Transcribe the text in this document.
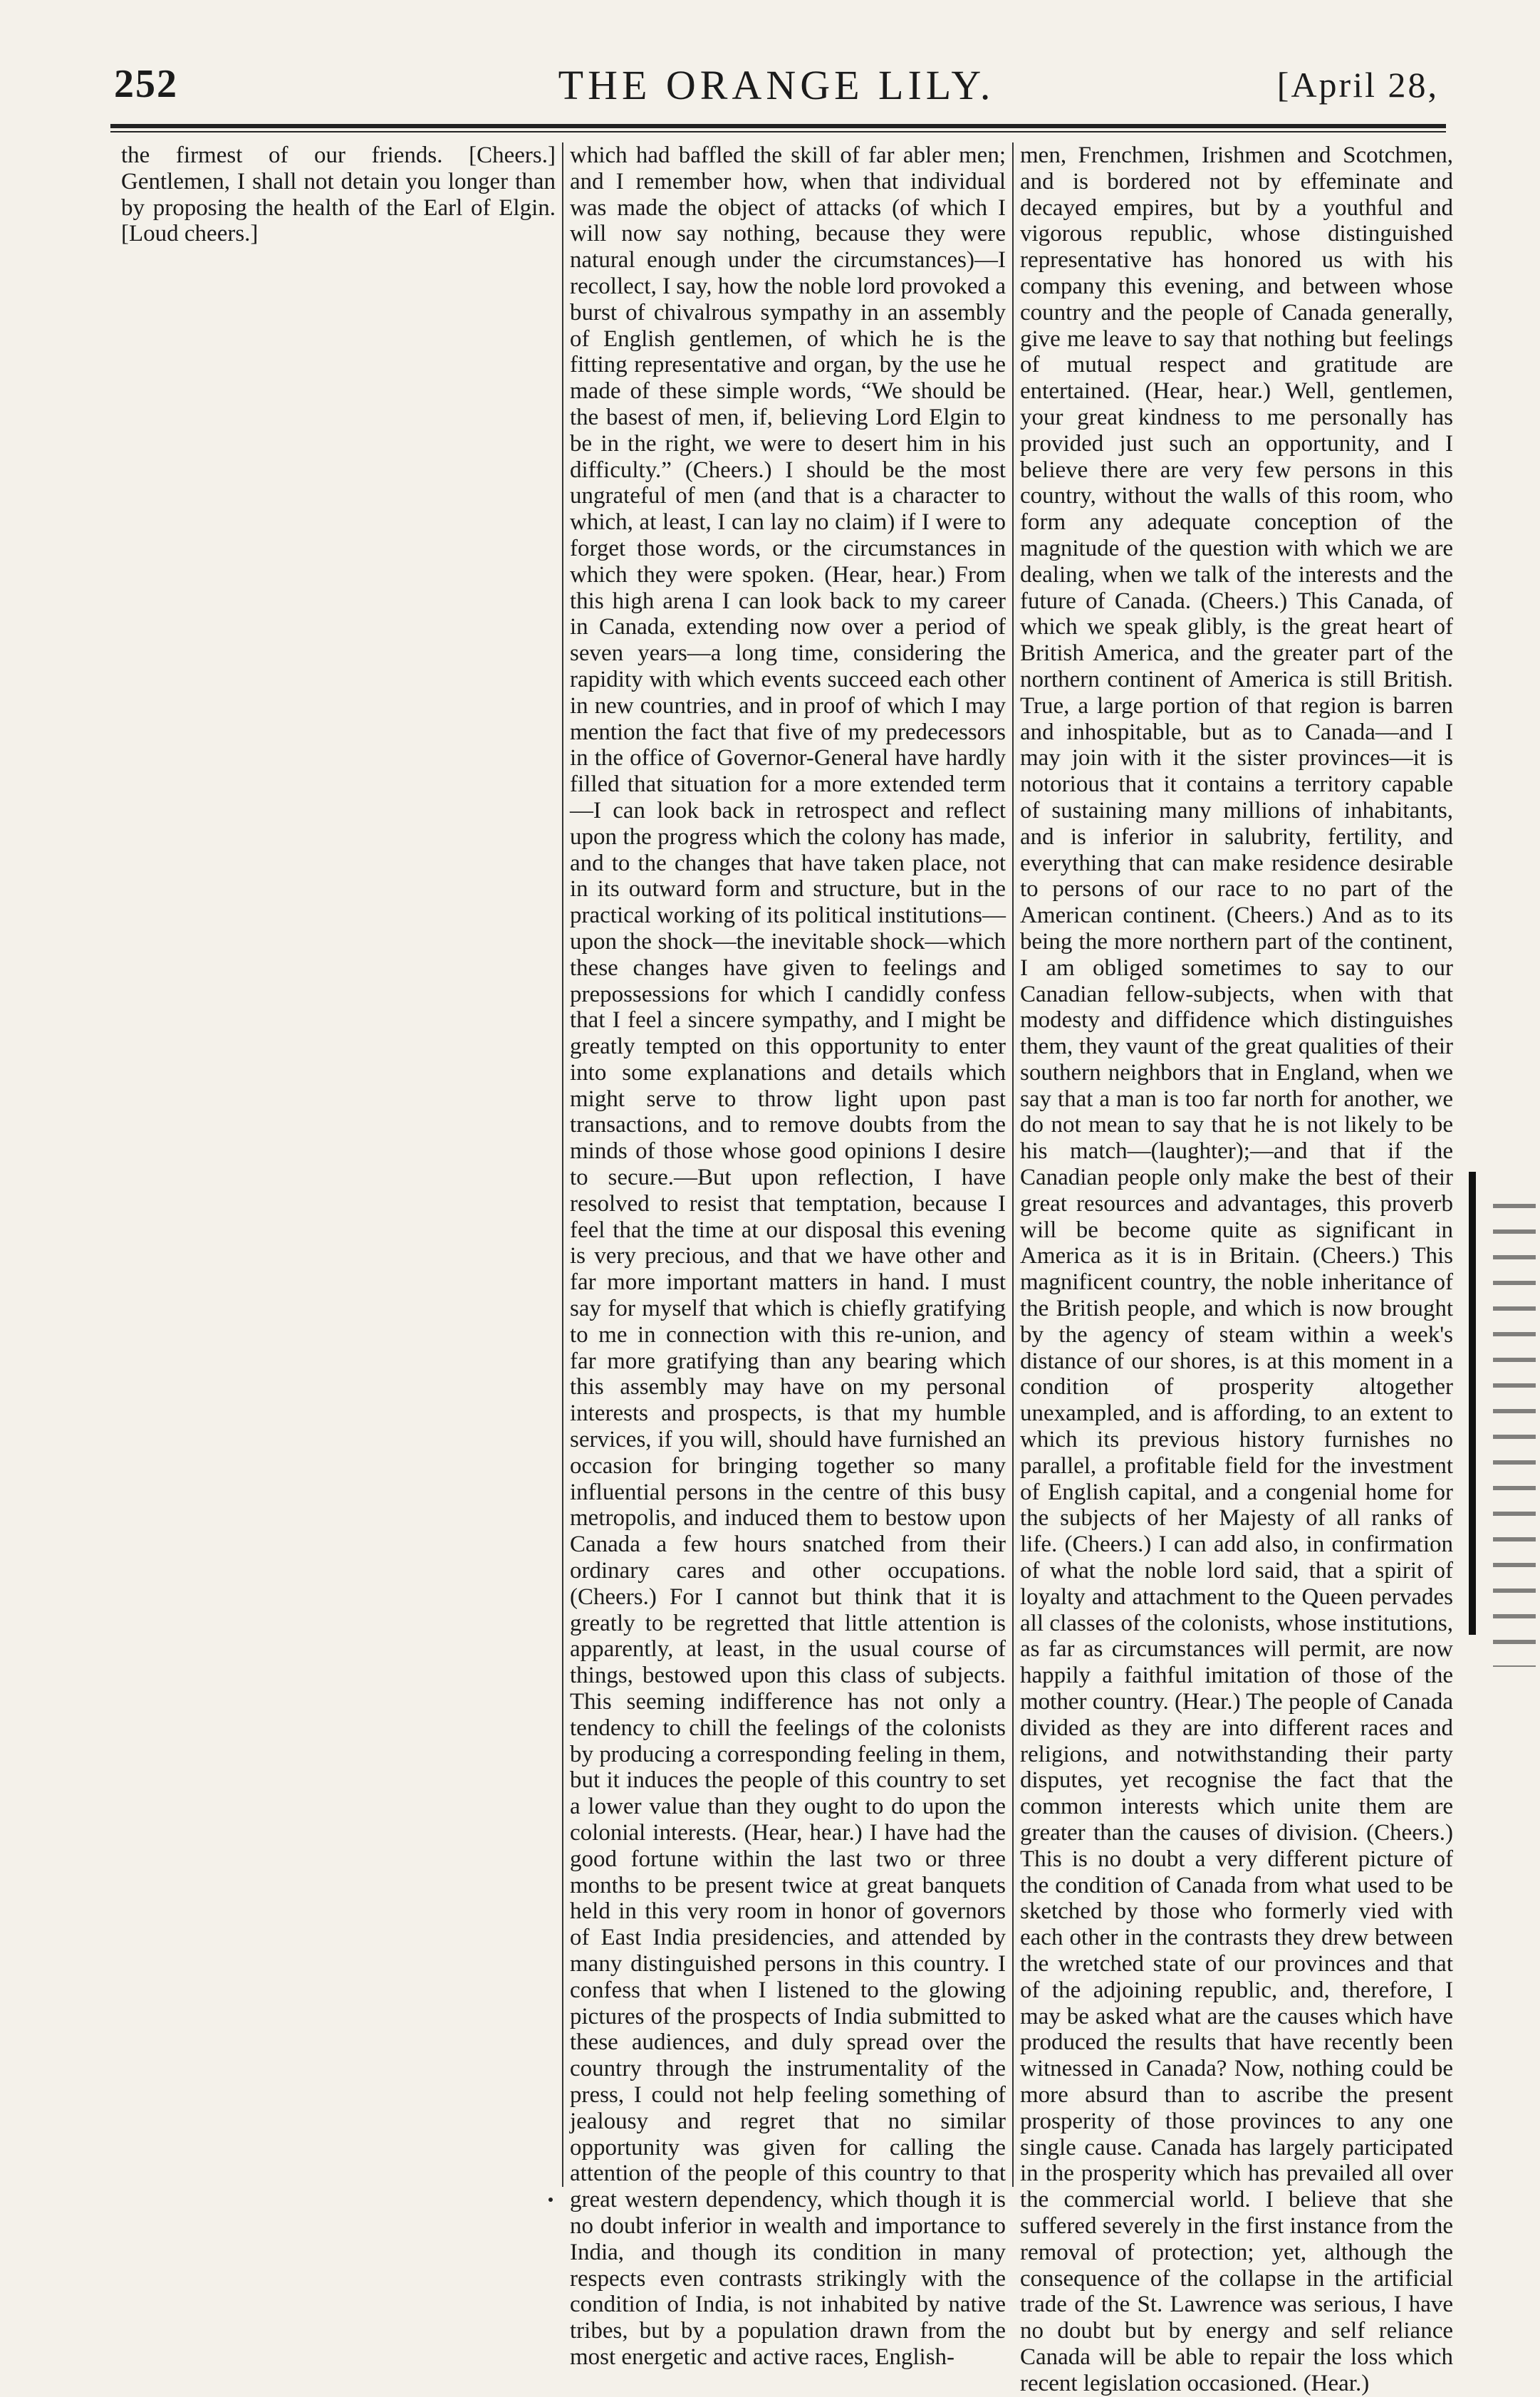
252	THE ORANGE LILY.	[April 28,

the firmest of our friends. [Cheers.] Gentlemen, I shall not detain you longer than by proposing the health of the Earl of Elgin. [Loud cheers.]

which had baffled the skill of far abler men; and I remember how, when that individual was made the object of attacks (of which I will now say nothing, because they were natural enough under the circumstances)—I recollect, I say, how the noble lord provoked a burst of chivalrous sympathy in an assembly of English gentlemen, of which he is the fitting representative and organ, by the use he made of these simple words, “We should be the basest of men, if, believing Lord Elgin to be in the right, we were to desert him in his difficulty.” (Cheers.) I should be the most ungrateful of men (and that is a character to which, at least, I can lay no claim) if I were to forget those words, or the circumstances in which they were spoken. (Hear, hear.) From this high arena I can look back to my career in Canada, extending now over a period of seven years—a long time, considering the rapidity with which events succeed each other in new countries, and in proof of which I may mention the fact that five of my predecessors in the office of Governor-General have hardly filled that situation for a more extended term—I can look back in retrospect and reflect upon the progress which the colony has made, and to the changes that have taken place, not in its outward form and structure, but in the practical working of its political institutions—upon the shock—the inevitable shock—which these changes have given to feelings and prepossessions for which I candidly confess that I feel a sincere sympathy, and I might be greatly tempted on this opportunity to enter into some explanations and details which might serve to throw light upon past transactions, and to remove doubts from the minds of those whose good opinions I desire to secure.—But upon reflection, I have resolved to resist that temptation, because I feel that the time at our disposal this evening is very precious, and that we have other and far more important matters in hand. I must say for myself that which is chiefly gratifying to me in connection with this re-union, and far more gratifying than any bearing which this assembly may have on my personal interests and prospects, is that my humble services, if you will, should have furnished an occasion for bringing together so many influential persons in the centre of this busy metropolis, and induced them to bestow upon Canada a few hours snatched from their ordinary cares and other occupations. (Cheers.) For I cannot but think that it is greatly to be regretted that little attention is apparently, at least, in the usual course of things, bestowed upon this class of subjects. This seeming indifference has not only a tendency to chill the feelings of the colonists by producing a corresponding feeling in them, but it induces the people of this country to set a lower value than they ought to do upon the colonial interests. (Hear, hear.) I have had the good fortune within the last two or three months to be present twice at great banquets held in this very room in honor of governors of East India presidencies, and attended by many distinguished persons in this country. I confess that when I listened to the glowing pictures of the prospects of India submitted to these audiences, and duly spread over the country through the instrumentality of the press, I could not help feeling something of jealousy and regret that no similar opportunity was given for calling the attention of the people of this country to that great western dependency, which though it is no doubt inferior in wealth and importance to India, and though its condition in many respects even contrasts strikingly with the condition of India, is not inhabited by native tribes, but by a population drawn from the most energetic and active races, English-

men, Frenchmen, Irishmen and Scotchmen, and is bordered not by effeminate and decayed empires, but by a youthful and vigorous republic, whose distinguished representative has honored us with his company this evening, and between whose country and the people of Canada generally, give me leave to say that nothing but feelings of mutual respect and gratitude are entertained. (Hear, hear.) Well, gentlemen, your great kindness to me personally has provided just such an opportunity, and I believe there are very few persons in this country, without the walls of this room, who form any adequate conception of the magnitude of the question with which we are dealing, when we talk of the interests and the future of Canada. (Cheers.) This Canada, of which we speak glibly, is the great heart of British America, and the greater part of the northern continent of America is still British. True, a large portion of that region is barren and inhospitable, but as to Canada—and I may join with it the sister provinces—it is notorious that it contains a territory capable of sustaining many millions of inhabitants, and is inferior in salubrity, fertility, and everything that can make residence desirable to persons of our race to no part of the American continent. (Cheers.) And as to its being the more northern part of the continent, I am obliged sometimes to say to our Canadian fellow-subjects, when with that modesty and diffidence which distinguishes them, they vaunt of the great qualities of their southern neighbors that in England, when we say that a man is too far north for another, we do not mean to say that he is not likely to be his match—(laughter);—and that if the Canadian people only make the best of their great resources and advantages, this proverb will be become quite as significant in America as it is in Britain. (Cheers.) This magnificent country, the noble inheritance of the British people, and which is now brought by the agency of steam within a week's distance of our shores, is at this moment in a condition of prosperity altogether unexampled, and is affording, to an extent to which its previous history furnishes no parallel, a profitable field for the investment of English capital, and a congenial home for the subjects of her Majesty of all ranks of life. (Cheers.) I can add also, in confirmation of what the noble lord said, that a spirit of loyalty and attachment to the Queen pervades all classes of the colonists, whose institutions, as far as circumstances will permit, are now happily a faithful imitation of those of the mother country. (Hear.) The people of Canada divided as they are into different races and religions, and notwithstanding their party disputes, yet recognise the fact that the common interests which unite them are greater than the causes of division. (Cheers.) This is no doubt a very different picture of the condition of Canada from what used to be sketched by those who formerly vied with each other in the contrasts they drew between the wretched state of our provinces and that of the adjoining republic, and, therefore, I may be asked what are the causes which have produced the results that have recently been witnessed in Canada? Now, nothing could be more absurd than to ascribe the present prosperity of those provinces to any one single cause. Canada has largely participated in the prosperity which has prevailed all over the commercial world. I believe that she suffered severely in the first instance from the removal of protection; yet, although the consequence of the collapse in the artificial trade of the St. Lawrence was serious, I have no doubt but by energy and self reliance Canada will be able to repair the loss which recent legislation occasioned. (Hear.)
